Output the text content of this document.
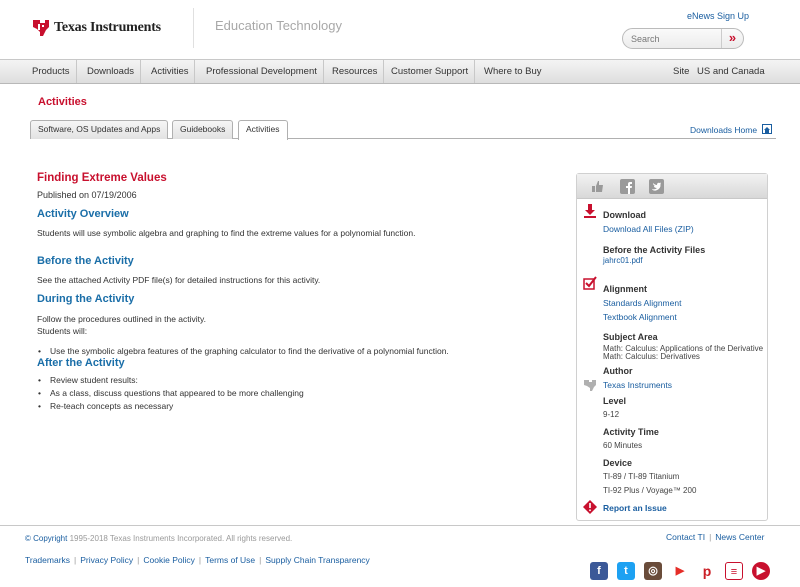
Texas Instruments	Education Technology
eNews Sign Up
Search
»
Products	Downloads	Activities	Professional Development	Resources	Customer Support	Where to Buy	Site US and Canada
Activities
Software, OS Updates and Apps	Guidebooks	Activities	Downloads Home
Finding Extreme Values
Published on 07/19/2006
Activity Overview
Students will use symbolic algebra and graphing to find the extreme values for a polynomial function.
Before the Activity
See the attached Activity PDF file(s) for detailed instructions for this activity.
During the Activity
Follow the procedures outlined in the activity.
Students will:
• Use the symbolic algebra features of the graphing calculator to find the derivative of a polynomial function.
After the Activity
• Review student results:
• As a class, discuss questions that appeared to be more challenging
• Re-teach concepts as necessary
Download
Download All Files (ZIP)
Before the Activity Files
jahrc01.pdf
Alignment
Standards Alignment
Textbook Alignment
Subject Area
Math: Calculus: Applications of the Derivative
Math: Calculus: Derivatives
Author
Texas Instruments
Level
9-12
Activity Time
60 Minutes
Device
TI-89 / TI-89 Titanium
TI-92 Plus / Voyage™ 200
Report an Issue
© Copyright 1995-2018 Texas Instruments Incorporated. All rights reserved.	Contact TI | News Center
Trademarks | Privacy Policy | Cookie Policy | Terms of Use | Supply Chain Transparency
f	t	◎	▶	p	≡	▶
